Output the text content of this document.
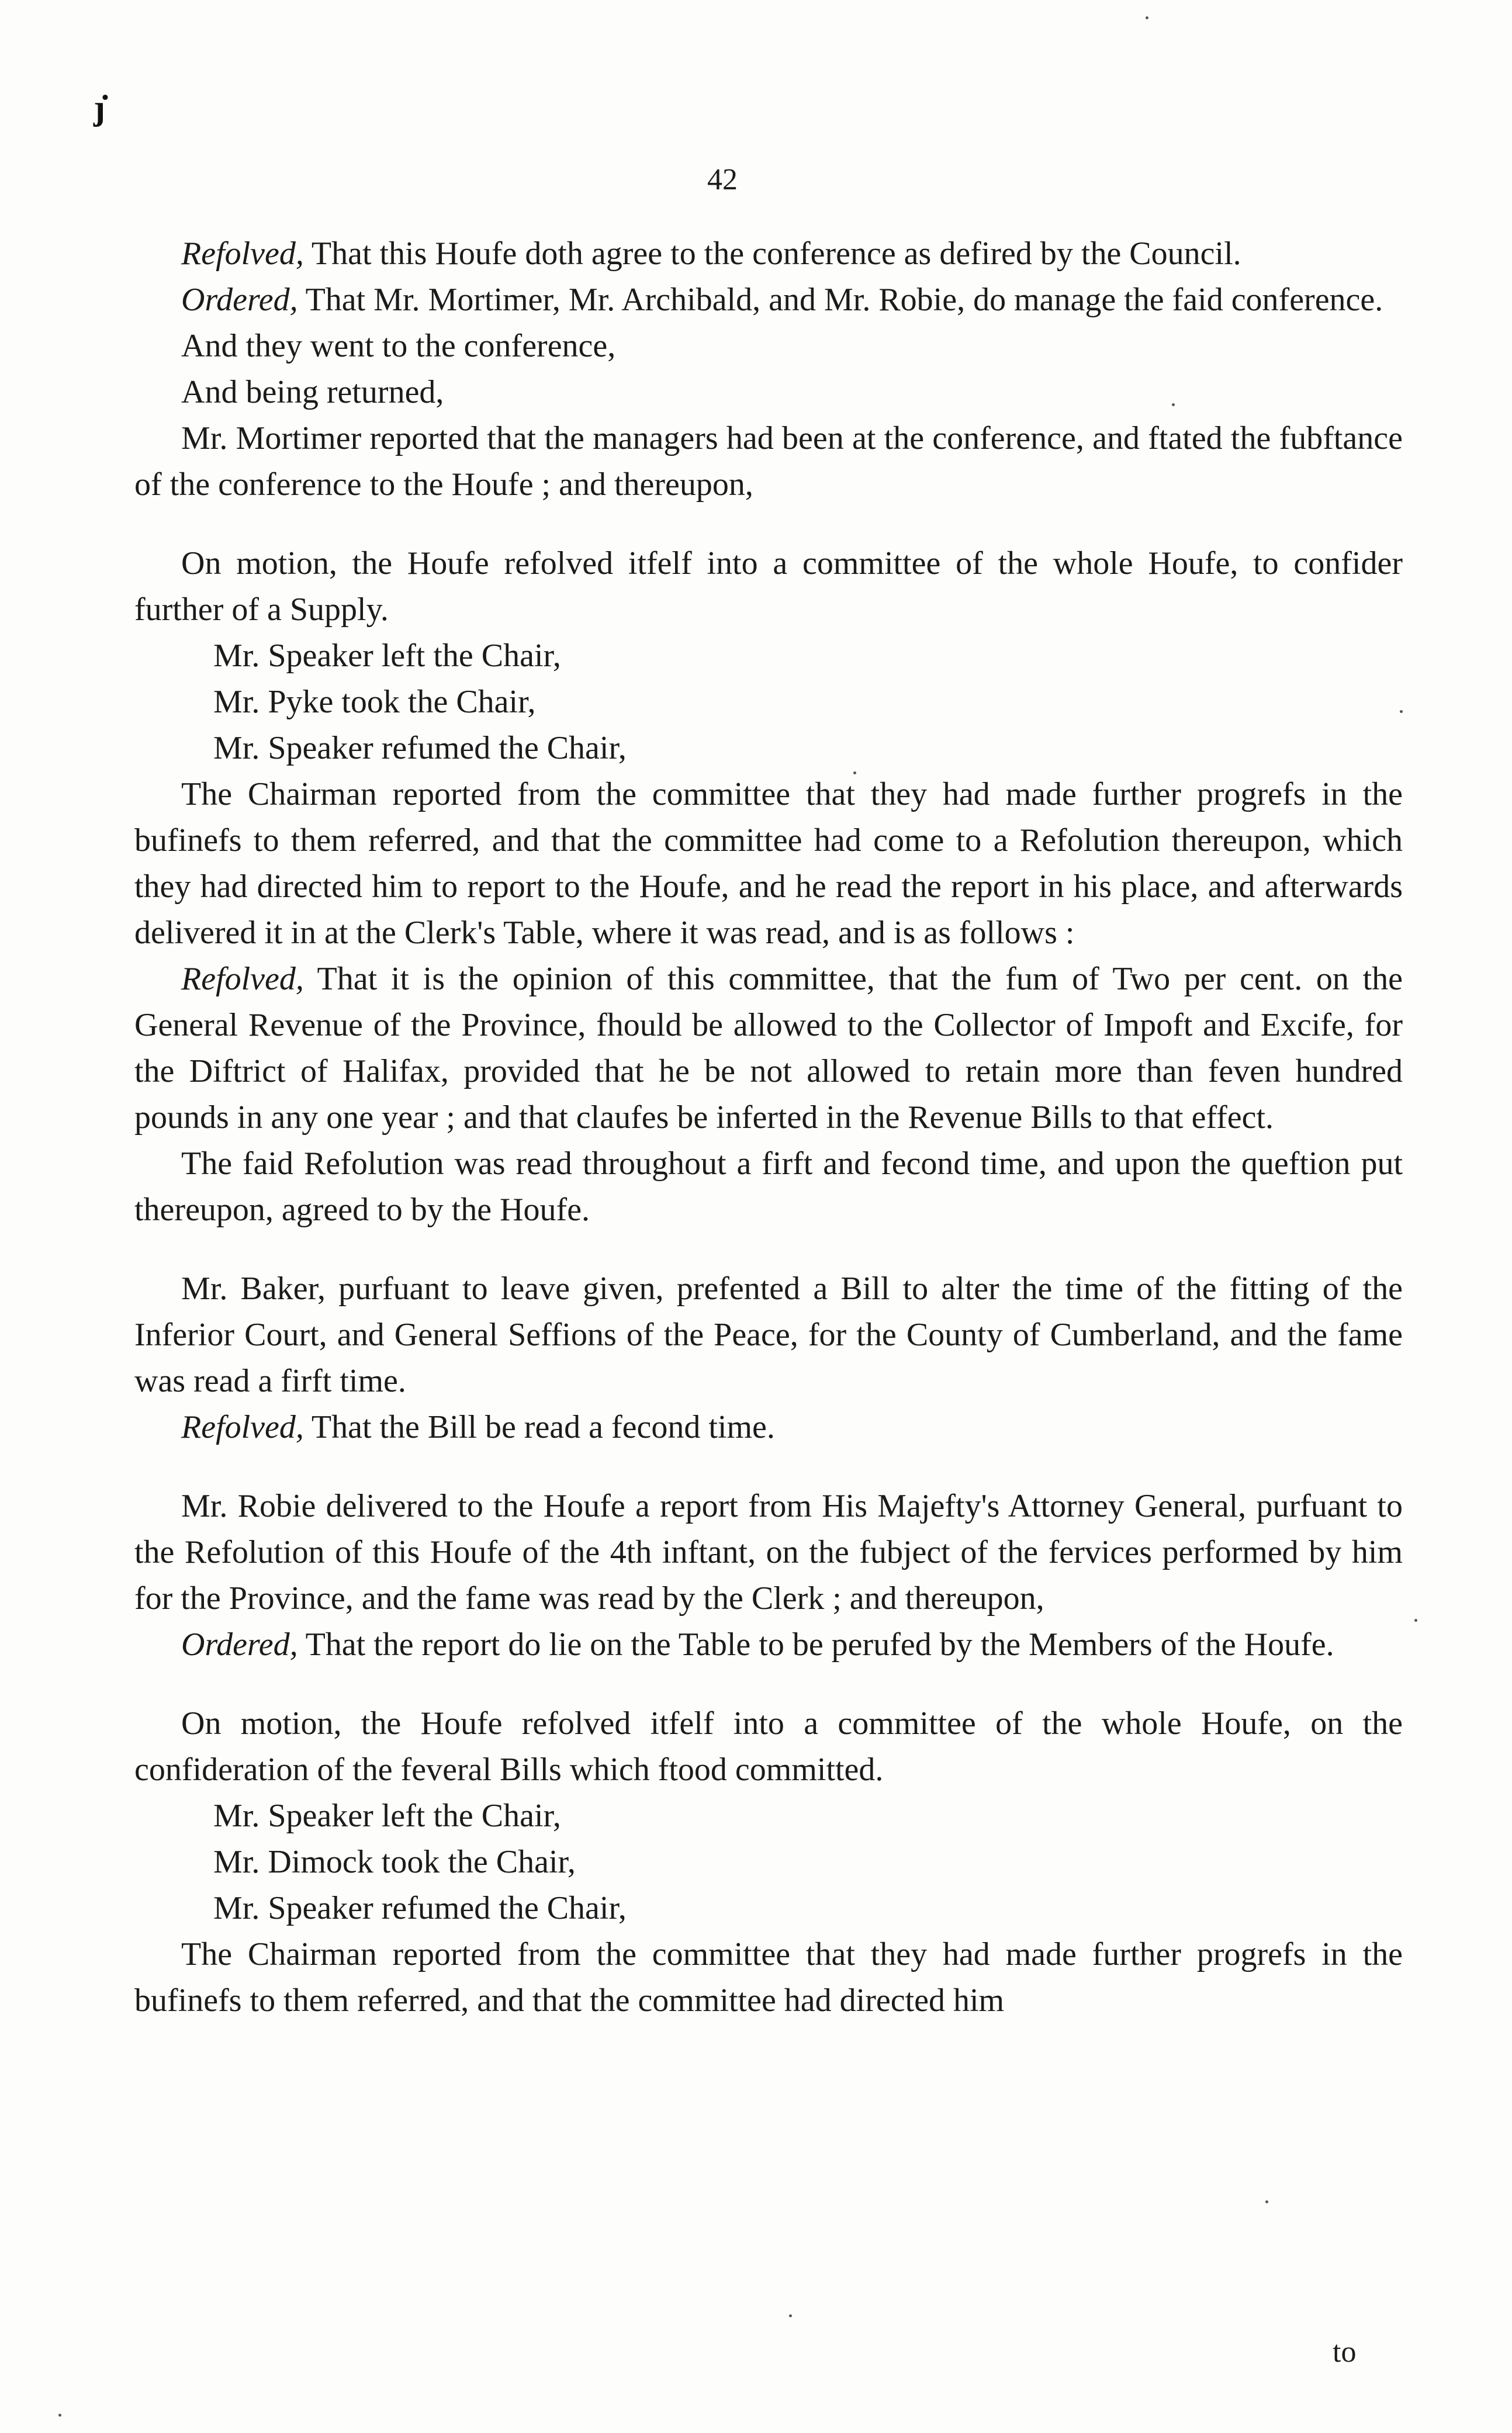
ȷ̇
42

Refolved, That this Houfe doth agree to the conference as defired by the Council.

Ordered, That Mr. Mortimer, Mr. Archibald, and Mr. Robie, do manage the faid conference.

And they went to the conference,

And being returned,

Mr. Mortimer reported that the managers had been at the conference, and ftated the fubftance of the conference to the Houfe ; and thereupon,

On motion, the Houfe refolved itfelf into a committee of the whole Houfe, to confider further of a Supply.

Mr. Speaker left the Chair,

Mr. Pyke took the Chair,

Mr. Speaker refumed the Chair,

The Chairman reported from the committee that they had made further progrefs in the bufinefs to them referred, and that the committee had come to a Refolution thereupon, which they had directed him to report to the Houfe, and he read the report in his place, and afterwards delivered it in at the Clerk's Table, where it was read, and is as follows :

Refolved, That it is the opinion of this committee, that the fum of Two per cent. on the General Revenue of the Province, fhould be allowed to the Collector of Impoft and Excife, for the Diftrict of Halifax, provided that he be not allowed to retain more than feven hundred pounds in any one year ; and that claufes be inferted in the Revenue Bills to that effect.

The faid Refolution was read throughout a firft and fecond time, and upon the queftion put thereupon, agreed to by the Houfe.

Mr. Baker, purfuant to leave given, prefented a Bill to alter the time of the fitting of the Inferior Court, and General Seffions of the Peace, for the County of Cumberland, and the fame was read a firft time.

Refolved, That the Bill be read a fecond time.

Mr. Robie delivered to the Houfe a report from His Majefty's Attorney General, purfuant to the Refolution of this Houfe of the 4th inftant, on the fubject of the fervices performed by him for the Province, and the fame was read by the Clerk ; and thereupon,

Ordered, That the report do lie on the Table to be perufed by the Members of the Houfe.

On motion, the Houfe refolved itfelf into a committee of the whole Houfe, on the confideration of the feveral Bills which ftood committed.

Mr. Speaker left the Chair,

Mr. Dimock took the Chair,

Mr. Speaker refumed the Chair,

The Chairman reported from the committee that they had made further progrefs in the bufinefs to them referred, and that the committee had directed him

to
